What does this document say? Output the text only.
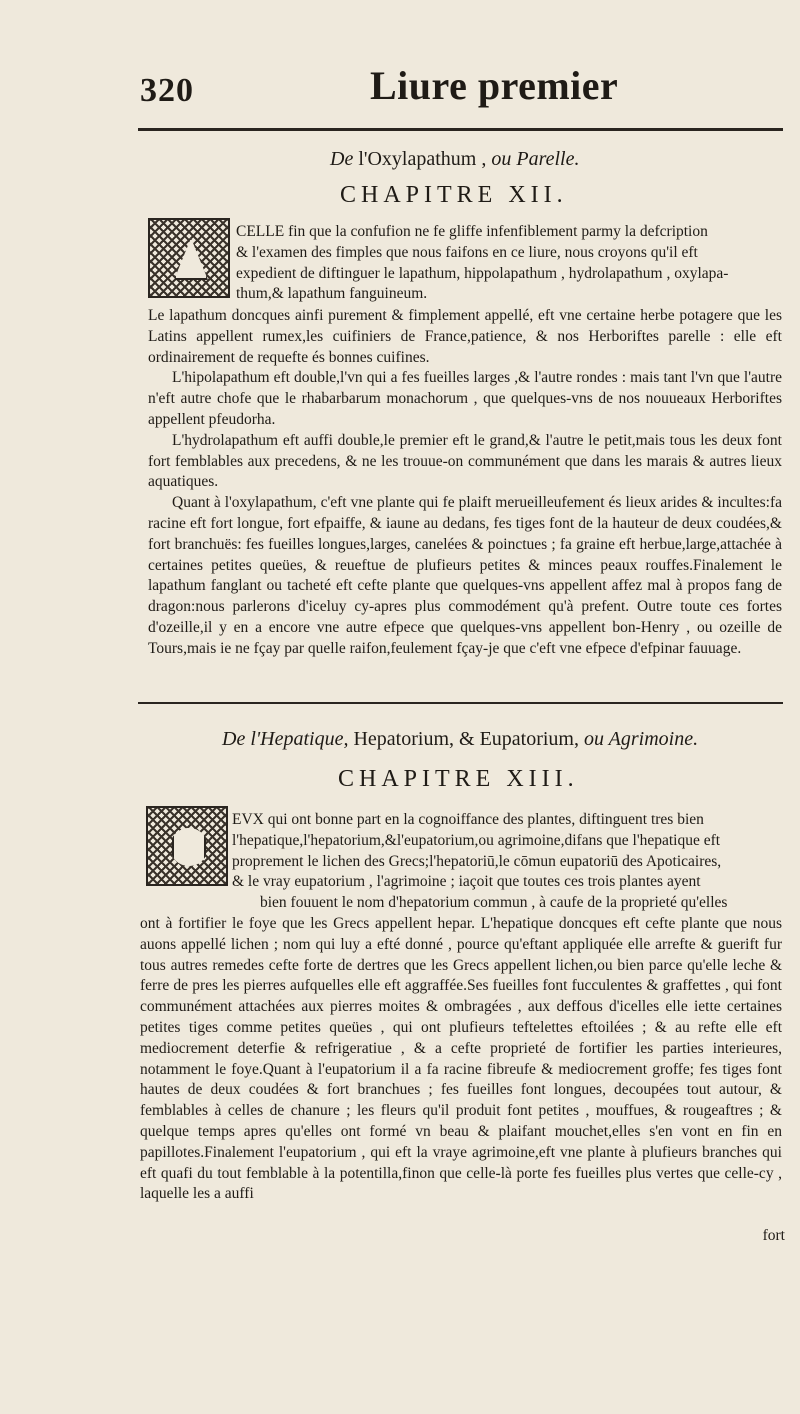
320	Liure premier
De l'Oxylapathum , ou Parelle.
CHAPITRE XII.

CELLE fin que la confufion ne fe gliffe infenfiblement parmy la defcription

& l'examen des fimples que nous faifons en ce liure, nous croyons qu'il eft

expedient de diftinguer le lapathum, hippolapathum , hydrolapathum , oxylapa-

thum,& lapathum fanguineum.

Le lapathum doncques ainfi purement & fimplement appellé, eft vne certaine herbe potagere que les Latins appellent rumex,les cuifiniers de France,patience, & nos Herboriftes parelle : elle eft ordinairement de requefte és bonnes cuifines.

L'hipolapathum eft double,l'vn qui a fes fueilles larges ,& l'autre rondes : mais tant l'vn que l'autre n'eft autre chofe que le rhabarbarum monachorum , que quelques-vns de nos nouueaux Herboriftes appellent pfeudorha.

L'hydrolapathum eft auffi double,le premier eft le grand,& l'autre le petit,mais tous les deux font fort femblables aux precedens, & ne les trouue-on communément que dans les marais & autres lieux aquatiques.

Quant à l'oxylapathum, c'eft vne plante qui fe plaift merueilleufement és lieux arides & incultes:fa racine eft fort longue, fort efpaiffe, & iaune au dedans, fes tiges font de la hauteur de deux coudées,& fort branchuës: fes fueilles longues,larges, canelées & poinctues ; fa graine eft herbue,large,attachée à certaines petites queües, & reueftue de plufieurs petites & minces peaux rouffes.Finalement le lapathum fanglant ou tacheté eft cefte plante que quelques-vns appellent affez mal à propos fang de dragon:nous parlerons d'iceluy cy-apres plus commodément qu'à prefent. Outre toute ces fortes d'ozeille,il y en a encore vne autre efpece que quelques-vns appellent bon-Henry , ou ozeille de Tours,mais ie ne fçay par quelle raifon,feulement fçay-je que c'eft vne efpece d'efpinar fauuage.

De l'Hepatique, Hepatorium, & Eupatorium, ou Agrimoine.
CHAPITRE XIII.

EVX qui ont bonne part en la cognoiffance des plantes, diftinguent tres bien

l'hepatique,l'hepatorium,&l'eupatorium,ou agrimoine,difans que l'hepatique eft

proprement le lichen des Grecs;l'hepatoriū,le cōmun eupatoriū des Apoticaires,

& le vray eupatorium , l'agrimoine ; iaçoit que toutes ces trois plantes ayent

bien fouuent le nom d'hepatorium commun , à caufe de la proprieté qu'elles

ont à fortifier le foye que les Grecs appellent hepar. L'hepatique doncques eft cefte plante que nous auons appellé lichen ; nom qui luy a efté donné , pource qu'eftant appliquée elle arrefte & guerift fur tous autres remedes cefte forte de dertres que les Grecs appellent lichen,ou bien parce qu'elle leche & ferre de pres les pierres aufquelles elle eft aggraffée.Ses fueilles font fucculentes & graffettes , qui font communément attachées aux pierres moites & ombragées , aux deffous d'icelles elle iette certaines petites tiges comme petites queües , qui ont plufieurs teftelettes eftoilées ; & au refte elle eft mediocrement deterfie & refrigeratiue , & a cefte proprieté de fortifier les parties interieures, notamment le foye.Quant à l'eupatorium il a fa racine fibreufe & mediocrement groffe; fes tiges font hautes de deux coudées & fort branchues ; fes fueilles font longues, decoupées tout autour, & femblables à celles de chanure ; les fleurs qu'il produit font petites , mouffues, & rougeaftres ; & quelque temps apres qu'elles ont formé vn beau & plaifant mouchet,elles s'en vont en fin en papillotes.Finalement l'eupatorium , qui eft la vraye agrimoine,eft vne plante à plufieurs branches qui eft quafi du tout femblable à la potentilla,finon que celle-là porte fes fueilles plus vertes que celle-cy , laquelle les a auffi

fort
